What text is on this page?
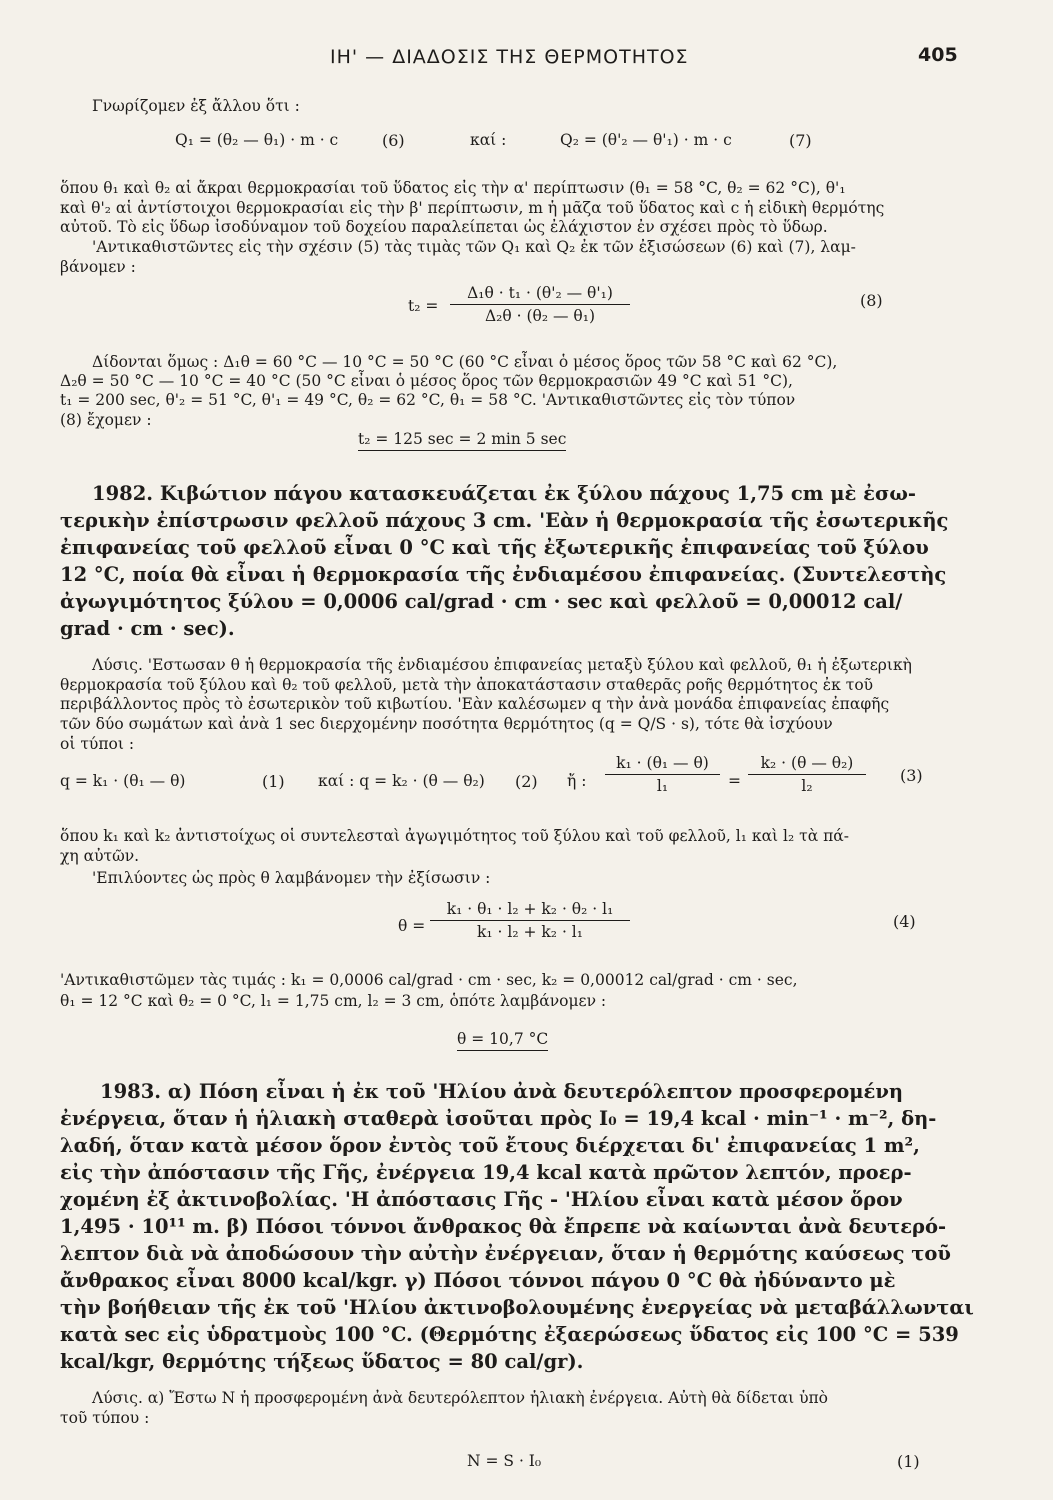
ΙΗ' — ΔΙΑΔΟΣΙΣ ΤΗΣ ΘΕΡΜΟΤΗΤΟΣ	405
Γνωρίζομεν ἐξ ἄλλου ὅτι :
Q₁ = (θ₂ — θ₁) · m · c	(6)	καί :	Q₂ = (θ'₂ — θ'₁) · m · c	(7)
ὅπου θ₁ καὶ θ₂ αἱ ἄκραι θερμοκρασίαι τοῦ ὕδατος εἰς τὴν α' περίπτωσιν (θ₁ = 58 °C, θ₂ = 62 °C), θ'₁
καὶ θ'₂ αἱ ἀντίστοιχοι θερμοκρασίαι εἰς τὴν β' περίπτωσιν, m ἡ μᾶζα τοῦ ὕδατος καὶ c ἡ εἰδικὴ θερμότης
αὐτοῦ. Τὸ εἰς ὕδωρ ἰσοδύναμον τοῦ δοχείου παραλείπεται ὡς ἐλάχιστον ἐν σχέσει πρὸς τὸ ὕδωρ.
'Αντικαθιστῶντες εἰς τὴν σχέσιν (5) τὰς τιμὰς τῶν Q₁ καὶ Q₂ ἐκ τῶν ἐξισώσεων (6) καὶ (7), λαμ-
βάνομεν :
$t_2 = \frac{\text{Δ₁θ · t₁ · (θ'₂ — θ'₁)}}{\text{Δ₂θ · (θ₂ — θ₁)}}$	(8)
Δίδονται ὅμως : Δ₁θ = 60 °C — 10 °C = 50 °C (60 °C εἶναι ὁ μέσος ὅρος τῶν 58 °C καὶ 62 °C),
Δ₂θ = 50 °C — 10 °C = 40 °C (50 °C εἶναι ὁ μέσος ὅρος τῶν θερμοκρασιῶν 49 °C καὶ 51 °C),
t₁ = 200 sec, θ'₂ = 51 °C, θ'₁ = 49 °C, θ₂ = 62 °C, θ₁ = 58 °C. 'Αντικαθιστῶντες εἰς τὸν τύπον
(8) ἔχομεν :
t₂ = 125 sec = 2 min 5 sec
1982. Κιβώτιον πάγου κατασκευάζεται ἐκ ξύλου πάχους 1,75 cm μὲ ἐσω-
τερικὴν ἐπίστρωσιν φελλοῦ πάχους 3 cm. 'Εὰν ἡ θερμοκρασία τῆς ἐσωτερικῆς
ἐπιφανείας τοῦ φελλοῦ εἶναι 0 °C καὶ τῆς ἐξωτερικῆς ἐπιφανείας τοῦ ξύλου
12 °C, ποία θὰ εἶναι ἡ θερμοκρασία τῆς ἐνδιαμέσου ἐπιφανείας. (Συντελεστὴς
ἀγωγιμότητος ξύλου = 0,0006 cal/grad · cm · sec καὶ φελλοῦ = 0,00012 cal/
grad · cm · sec).
Λύσις. 'Εστωσαν θ ἡ θερμοκρασία τῆς ἐνδιαμέσου ἐπιφανείας μεταξὺ ξύλου καὶ φελλοῦ, θ₁ ἡ ἐξωτερικὴ
θερμοκρασία τοῦ ξύλου καὶ θ₂ τοῦ φελλοῦ, μετὰ τὴν ἀποκατάστασιν σταθερᾶς ροῆς θερμότητος ἐκ τοῦ
περιβάλλοντος πρὸς τὸ ἐσωτερικὸν τοῦ κιβωτίου. 'Εὰν καλέσωμεν q τὴν ἀνὰ μονάδα ἐπιφανείας ἐπαφῆς
τῶν δύο σωμάτων καὶ ἀνὰ 1 sec διερχομένην ποσότητα θερμότητος (q = Q/S · s), τότε θὰ ἰσχύουν
οἱ τύποι :
q = k₁ · (θ₁ — θ)	(1) καί : q = k₂ · (θ — θ₂) (2) ἤ : $\frac{\text{k₁ · (θ₁ — θ)}}{\text{l₁}} = \frac{\text{k₂ · (θ — θ₂)}}{\text{l₂}} (3)$
ὅπου k₁ καὶ k₂ ἀντιστοίχως οἱ συντελεσταὶ ἀγωγιμότητος τοῦ ξύλου καὶ τοῦ φελλοῦ, l₁ καὶ l₂ τὰ πά-
χη αὐτῶν.
'Επιλύοντες ὡς πρὸς θ λαμβάνομεν τὴν ἐξίσωσιν :
$\theta = \frac{\text{k₁ · θ₁ · l₂ + k₂ · θ₂ · l₁}}{\text{k₁ · l₂ + k₂ · l₁}}$	(4)
'Αντικαθιστῶμεν τὰς τιμάς : k₁ = 0,0006 cal/grad · cm · sec, k₂ = 0,00012 cal/grad · cm · sec,
θ₁ = 12 °C καὶ θ₂ = 0 °C, l₁ = 1,75 cm, l₂ = 3 cm, ὁπότε λαμβάνομεν :
θ = 10,7 °C
1983. α) Πόση εἶναι ἡ ἐκ τοῦ 'Ηλίου ἀνὰ δευτερόλεπτον προσφερομένη
ἐνέργεια, ὅταν ἡ ἡλιακὴ σταθερὰ ἰσοῦται πρὸς I₀ = 19,4 kcal · min⁻¹ · m⁻², δη-
λαδή, ὅταν κατὰ μέσον ὅρον ἐντὸς τοῦ ἔτους διέρχεται δι' ἐπιφανείας 1 m²,
εἰς τὴν ἀπόστασιν τῆς Γῆς, ἐνέργεια 19,4 kcal κατὰ πρῶτον λεπτόν, προερ-
χομένη ἐξ ἀκτινοβολίας. 'Η ἀπόστασις Γῆς - 'Ηλίου εἶναι κατὰ μέσον ὅρον
1,495 · 10¹¹ m. β) Πόσοι τόννοι ἄνθρακος θὰ ἔπρεπε νὰ καίωνται ἀνὰ δευτερό-
λεπτον διὰ νὰ ἀποδώσουν τὴν αὐτὴν ἐνέργειαν, ὅταν ἡ θερμότης καύσεως τοῦ
ἄνθρακος εἶναι 8000 kcal/kgr. γ) Πόσοι τόννοι πάγου 0 °C θὰ ἠδύναντο μὲ
τὴν βοήθειαν τῆς ἐκ τοῦ 'Ηλίου ἀκτινοβολουμένης ἐνεργείας νὰ μεταβάλλωνται
κατὰ sec εἰς ὑδρατμοὺς 100 °C. (Θερμότης ἐξαερώσεως ὕδατος εἰς 100 °C = 539
kcal/kgr, θερμότης τήξεως ὕδατος = 80 cal/gr).
Λύσις. α) Ἔστω N ἡ προσφερομένη ἀνὰ δευτερόλεπτον ἡλιακὴ ἐνέργεια. Αὐτὴ θὰ δίδεται ὑπὸ
τοῦ τύπου :
N = S · I₀	(1)
